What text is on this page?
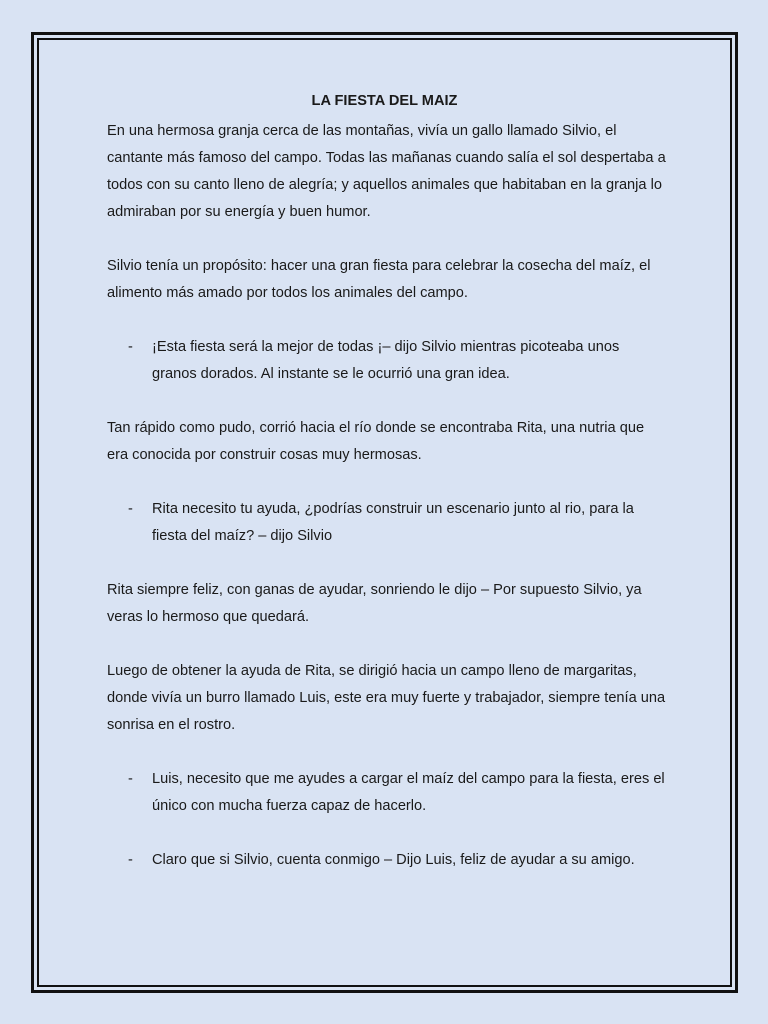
LA FIESTA DEL MAIZ

En una hermosa granja cerca de las montañas, vivía un gallo llamado Silvio, el cantante más famoso del campo. Todas las mañanas cuando salía el sol despertaba a todos con su canto lleno de alegría; y aquellos animales que habitaban en la granja lo admiraban por su energía y buen humor.

Silvio tenía un propósito: hacer una gran fiesta para celebrar la cosecha del maíz, el alimento más amado por todos los animales del campo.

- ¡Esta fiesta será la mejor de todas ¡– dijo Silvio mientras picoteaba unos granos dorados. Al instante se le ocurrió una gran idea.

Tan rápido como pudo, corrió hacia el río donde se encontraba Rita, una nutria que era conocida por construir cosas muy hermosas.

- Rita necesito tu ayuda, ¿podrías construir un escenario junto al rio, para la fiesta del maíz? – dijo Silvio

Rita siempre feliz, con ganas de ayudar, sonriendo le dijo – Por supuesto Silvio, ya veras lo hermoso que quedará.

Luego de obtener la ayuda de Rita, se dirigió hacia un campo lleno de margaritas, donde vivía un burro llamado Luis, este era muy fuerte y trabajador, siempre tenía una sonrisa en el rostro.

- Luis, necesito que me ayudes a cargar el maíz del campo para la fiesta, eres el único con mucha fuerza capaz de hacerlo.
- Claro que si Silvio, cuenta conmigo – Dijo Luis, feliz de ayudar a su amigo.
